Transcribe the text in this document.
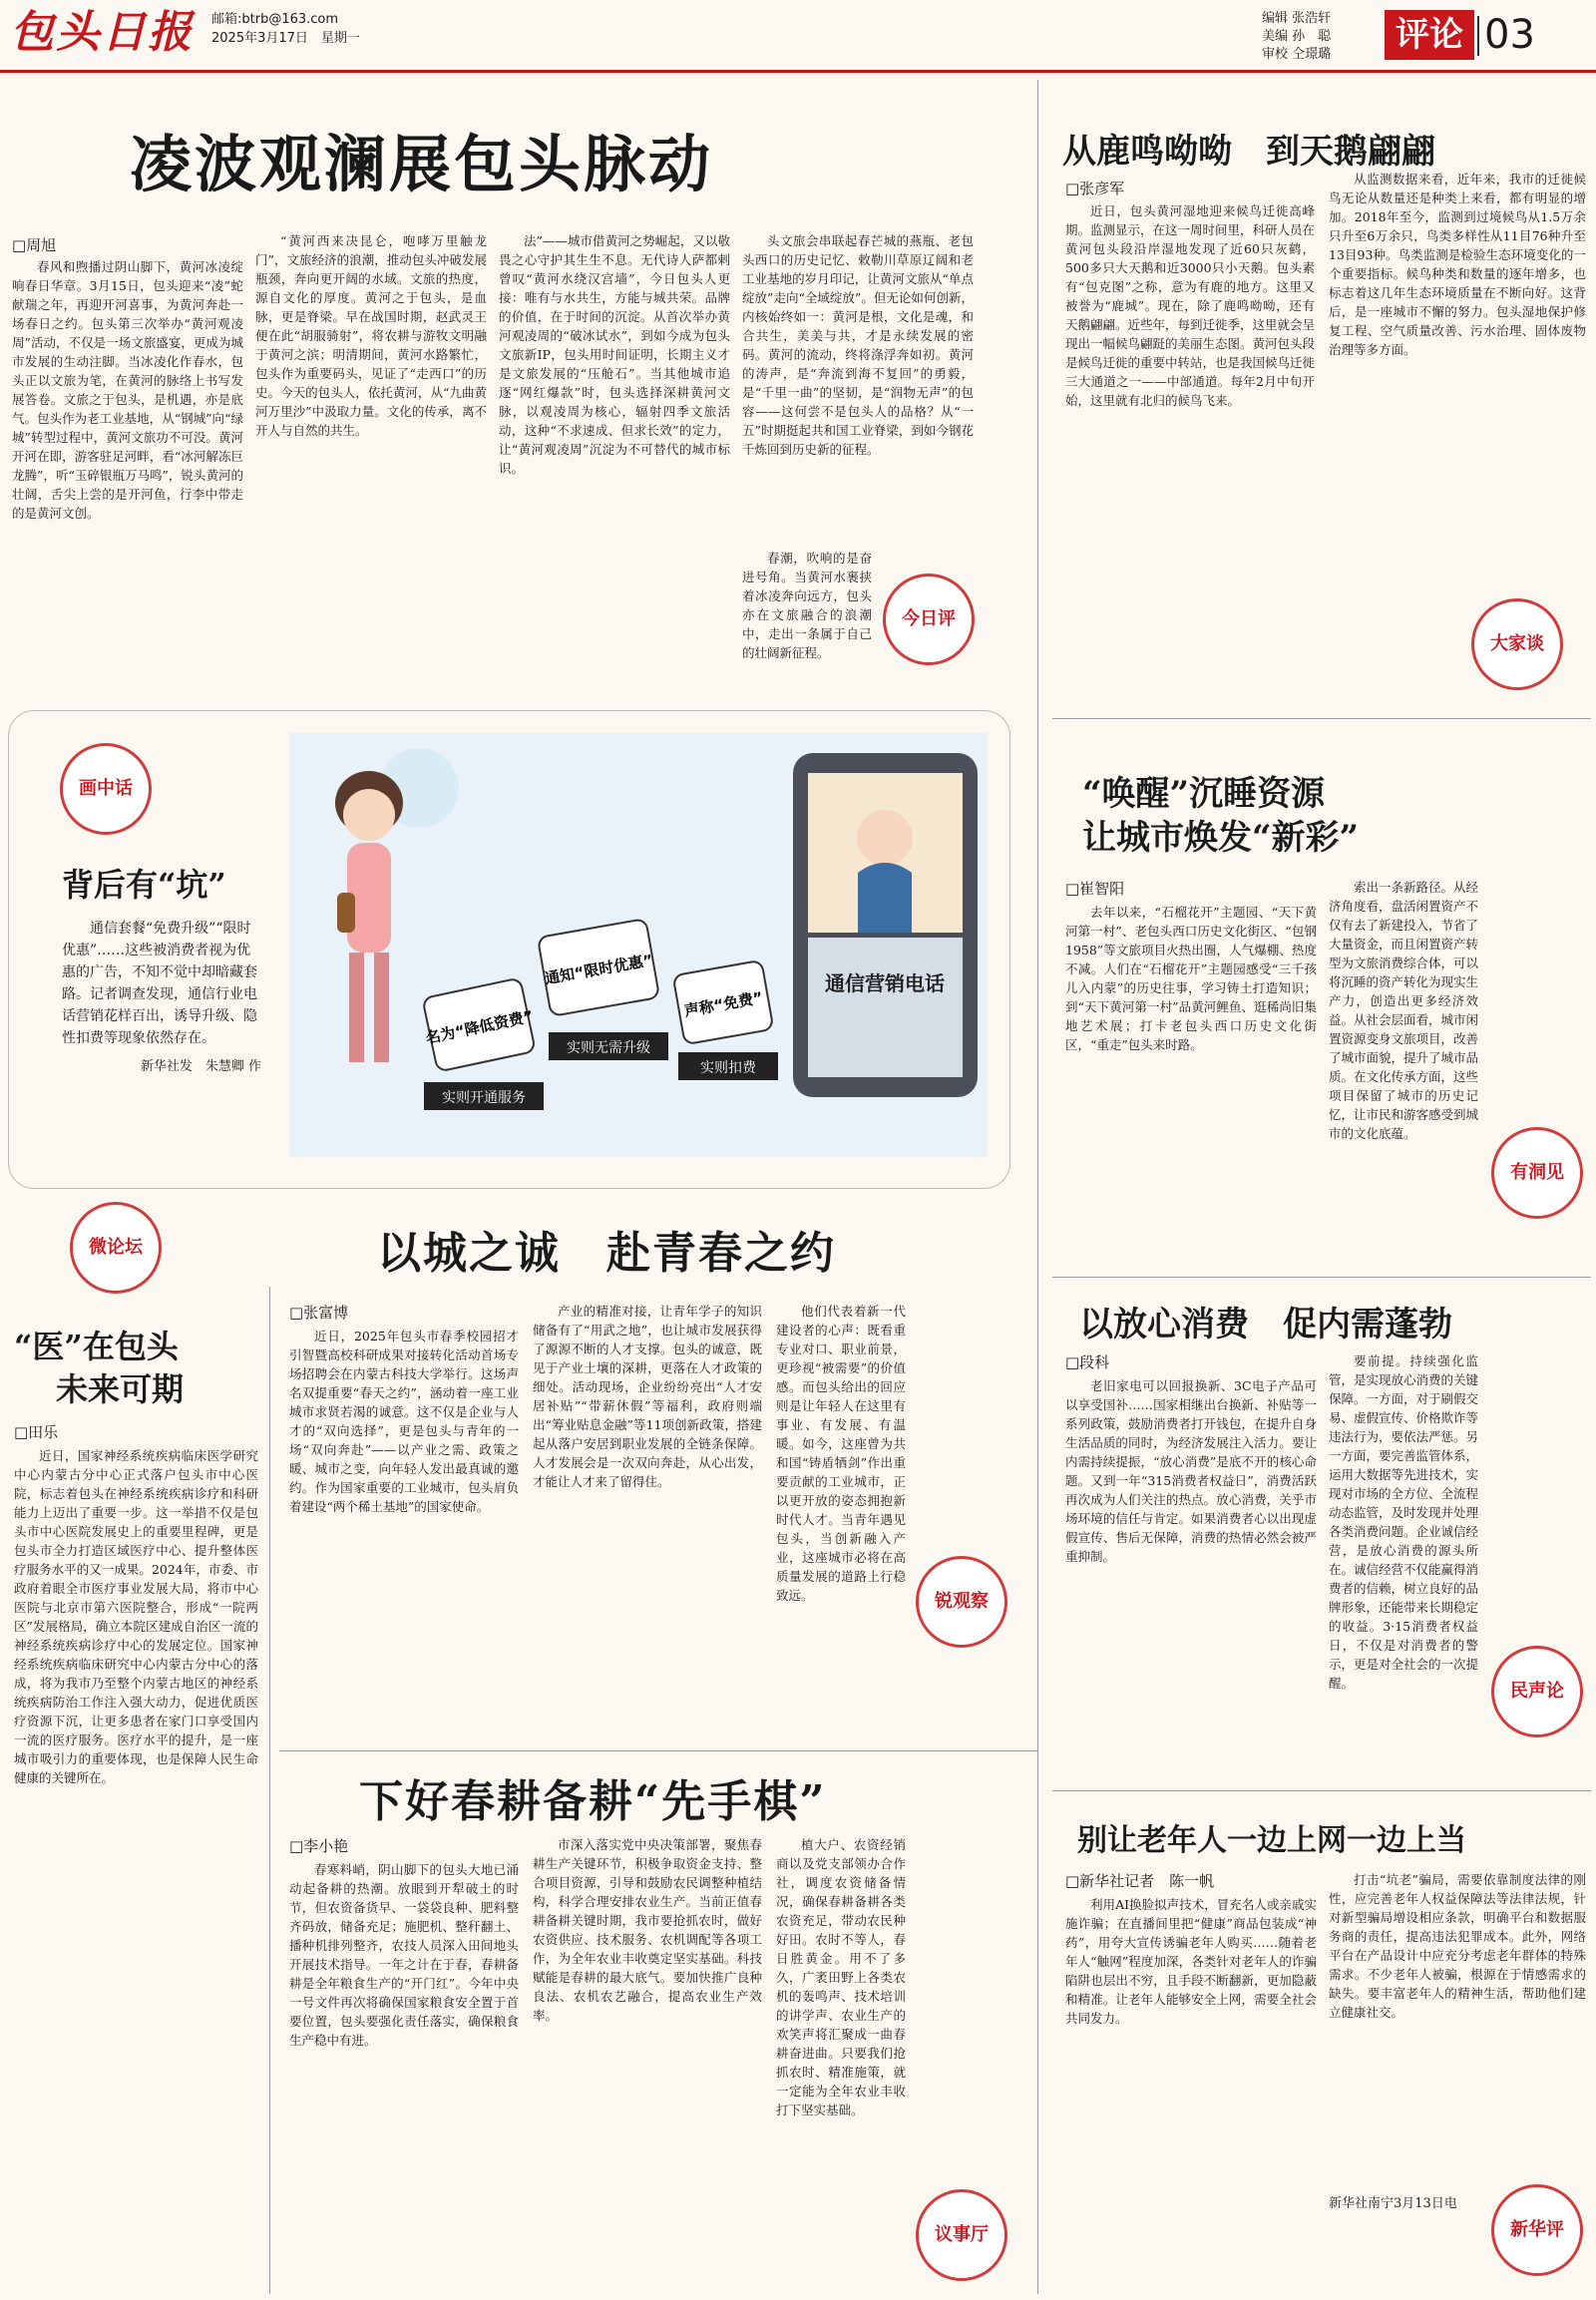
包头日报	邮箱:btrb@163.com
2025年3月17日　星期一
编辑 张浩轩
美编 孙　聪
审校 仝璟璐	评论 03
凌波观澜展包头脉动
□周旭

春风和煦播过阴山脚下，黄河冰凌绽响春日华章。3月15日，包头迎来“凌”蛇献瑞之年，再迎开河喜事，为黄河奔赴一场春日之约。包头第三次举办“黄河观凌周”活动，不仅是一场文旅盛宴，更成为城市发展的生动注脚。当冰凌化作春水，包头正以文旅为笔，在黄河的脉络上书写发展答卷。文旅之于包头，是机遇，亦是底气。包头作为老工业基地，从“钢城”向“绿城”转型过程中，黄河文旅功不可没。黄河开河在即，游客驻足河畔，看“冰河解冻巨龙腾”，听“玉碎银瓶万马鸣”，锐头黄河的壮阔，舌尖上尝的是开河鱼，行李中带走的是黄河文创。

“黄河西来决昆仑，咆哮万里触龙门”，文旅经济的浪潮，推动包头冲破发展瓶颈，奔向更开阔的水域。文旅的热度，源自文化的厚度。黄河之于包头，是血脉，更是脊梁。早在战国时期，赵武灵王便在此“胡服骑射”，将农耕与游牧文明融于黄河之滨；明清期间，黄河水路繁忙，包头作为重要码头，见证了“走西口”的历史。今天的包头人，依托黄河，从“九曲黄河万里沙”中汲取力量。文化的传承，离不开人与自然的共生。

法”——城市借黄河之势崛起，又以敬畏之心守护其生生不息。无代诗人萨都剌曾叹“黄河水绕汉宫墙”，今日包头人更接：唯有与水共生，方能与城共荣。品牌的价值，在于时间的沉淀。从首次举办黄河观凌周的“破冰试水”，到如今成为包头文旅新IP，包头用时间证明，长期主义才是文旅发展的“压舱石”。当其他城市追逐“网红爆款”时，包头选择深耕黄河文脉，以观凌周为核心，辐射四季文旅活动，这种“不求速成、但求长效”的定力，让“黄河观凌周”沉淀为不可替代的城市标识。

头文旅会串联起春芒城的燕瓶、老包头西口的历史记忆、敕勒川草原辽阔和老工业基地的岁月印记，让黄河文旅从“单点绽放”走向“全域绽放”。但无论如何创新，内核始终如一：黄河是根，文化是魂，和合共生，美美与共，才是永续发展的密码。黄河的流动，终将涤浮奔如初。黄河的涛声，是“奔流到海不复回”的勇毅，是“千里一曲”的坚韧，是“润物无声”的包容——这何尝不是包头人的品格？从“一五”时期挺起共和国工业脊梁，到如今钢花千炼回到历史新的征程。

春潮，吹响的是奋进号角。当黄河水裹挟着冰凌奔向远方，包头亦在文旅融合的浪潮中，走出一条属于自己的壮阔新征程。

今日评
从鹿鸣呦呦　到天鹅翩翩
□张彦军

近日，包头黄河湿地迎来候鸟迁徙高峰期。监测显示，在这一周时间里，科研人员在黄河包头段沿岸湿地发现了近60只灰鹤，500多只大天鹅和近3000只小天鹅。包头素有“包克图”之称，意为有鹿的地方。这里又被誉为“鹿城”。现在，除了鹿鸣呦呦，还有天鹅翩翩。近些年，每到迁徙季，这里就会呈现出一幅候鸟翩跹的美丽生态图。黄河包头段是候鸟迁徙的重要中转站，也是我国候鸟迁徙三大通道之一——中部通道。每年2月中旬开始，这里就有北归的候鸟飞来。

从监测数据来看，近年来，我市的迁徙候鸟无论从数量还是种类上来看，都有明显的增加。2018年至今，监测到过境候鸟从1.5万余只升至6万余只，鸟类多样性从11目76种升至13目93种。鸟类监测是检验生态环境变化的一个重要指标。候鸟种类和数量的逐年增多，也标志着这几年生态环境质量在不断向好。这背后，是一座城市不懈的努力。包头湿地保护修复工程、空气质量改善、污水治理、固体废物治理等多方面。

大家谈
画中话
背后有“坑”
通信套餐“免费升级”“限时优惠”……这些被消费者视为优惠的广告，不知不觉中却暗藏套路。记者调查发现，通信行业电话营销花样百出，诱导升级、隐性扣费等现象依然存在。
新华社发　朱慧卿 作
通信营销电话
名为“降低资费”
通知“限时优惠”
声称“免费”
实则开通服务
实则无需升级
实则扣费
“唤醒”沉睡资源
让城市焕发“新彩”
□崔智阳

去年以来，“石榴花开”主题园、“天下黄河第一村”、老包头西口历史文化街区、“包钢1958”等文旅项目火热出圈，人气爆棚、热度不减。人们在“石榴花开”主题园感受“三千孩儿入内蒙”的历史往事，学习铸土打造知识；到“天下黄河第一村”品黄河鲤鱼、逛稀尚旧集地艺术展；打卡老包头西口历史文化街区，“重走”包头来时路。

索出一条新路径。从经济角度看，盘活闲置资产不仅有去了新建投入，节省了大量资金，而且闲置资产转型为文旅消费综合体，可以将沉睡的资产转化为现实生产力，创造出更多经济效益。从社会层面看，城市闲置资源变身文旅项目，改善了城市面貌，提升了城市品质。在文化传承方面，这些项目保留了城市的历史记忆，让市民和游客感受到城市的文化底蕴。

有洞见
以城之诚　赴青春之约
□张富博

近日，2025年包头市春季校园招才引智暨高校科研成果对接转化活动首场专场招聘会在内蒙古科技大学举行。这场声名双提重要“春天之约”，涵动着一座工业城市求贤若渴的诚意。这不仅是企业与人才的“双向选择”，更是包头与青年的一场“双向奔赴”——以产业之需、政策之暖、城市之变，向年轻人发出最真诚的邀约。作为国家重要的工业城市，包头肩负着建设“两个稀土基地”的国家使命。

产业的精准对接，让青年学子的知识储备有了“用武之地”，也让城市发展获得了源源不断的人才支撑。包头的诚意，既见于产业土壤的深耕，更落在人才政策的细处。活动现场，企业纷纷亮出“人才安居补贴”“带薪休假”等福利，政府则端出“筹业贴息金融”等11项创新政策，搭建起从落户安居到职业发展的全链条保障。人才发展会是一次双向奔赴，从心出发，才能让人才来了留得住。

他们代表着新一代建设者的心声：既看重专业对口、职业前景，更珍视“被需要”的价值感。而包头给出的回应则是让年轻人在这里有事业、有发展、有温暖。如今，这座曾为共和国“铸盾牺剑”作出重要贡献的工业城市，正以更开放的姿态拥抱新时代人才。当青年遇见包头，当创新融入产业，这座城市必将在高质量发展的道路上行稳致远。	锐观察
微论坛
“医”在包头
未来可期
□田乐

近日，国家神经系统疾病临床医学研究中心内蒙古分中心正式落户包头市中心医院，标志着包头在神经系统疾病诊疗和科研能力上迈出了重要一步。这一举措不仅是包头市中心医院发展史上的重要里程碑，更是包头市全力打造区域医疗中心、提升整体医疗服务水平的又一成果。2024年，市委、市政府着眼全市医疗事业发展大局，将市中心医院与北京市第六医院整合，形成“一院两区”发展格局，确立本院区建成自治区一流的神经系统疾病诊疗中心的发展定位。国家神经系统疾病临床研究中心内蒙古分中心的落成，将为我市乃至整个内蒙古地区的神经系统疾病防治工作注入强大动力，促进优质医疗资源下沉，让更多患者在家门口享受国内一流的医疗服务。医疗水平的提升，是一座城市吸引力的重要体现，也是保障人民生命健康的关键所在。

以放心消费　促内需蓬勃
□段科

老旧家电可以回报换新、3C电子产品可以享受国补……国家相继出台换新、补贴等一系列政策，鼓励消费者打开钱包，在提升自身生活品质的同时，为经济发展注入活力。要让内需持续提振，“放心消费”是底不开的核心命题。又到一年“315消费者权益日”，消费活跃再次成为人们关注的热点。放心消费，关乎市场环境的信任与肯定。如果消费者心以出现虚假宣传、售后无保障，消费的热情必然会被严重抑制。

要前提。持续强化监管，是实现放心消费的关键保障。一方面，对于刷假交易、虚假宣传、价格欺诈等违法行为，要依法严惩。另一方面，要完善监管体系，运用大数据等先进技术，实现对市场的全方位、全流程动态监管，及时发现并处理各类消费问题。企业诚信经营，是放心消费的源头所在。诚信经营不仅能赢得消费者的信赖，树立良好的品牌形象，还能带来长期稳定的收益。3·15消费者权益日，不仅是对消费者的警示，更是对全社会的一次提醒。	民声论
下好春耕备耕“先手棋”
□李小艳

春寒料峭，阴山脚下的包头大地已涌动起备耕的热潮。放眼到开犁破土的时节，但农资备货早、一袋袋良种、肥料整齐码放，储备充足；施肥机、整秆翻土、播种机排列整齐，农技人员深入田间地头开展技术指导。一年之计在于春，春耕备耕是全年粮食生产的“开门红”。今年中央一号文件再次将确保国家粮食安全置于首要位置，包头要强化责任落实，确保粮食生产稳中有进。

市深入落实党中央决策部署，聚焦春耕生产关键环节，积极争取资金支持、整合项目资源，引导和鼓励农民调整种植结构，科学合理安排农业生产。当前正值春耕备耕关键时期，我市要抢抓农时，做好农资供应、技术服务、农机调配等各项工作，为全年农业丰收奠定坚实基础。科技赋能是春耕的最大底气。要加快推广良种良法、农机农艺融合，提高农业生产效率。

植大户、农资经销商以及党支部领办合作社，调度农资储备情况，确保春耕备耕各类农资充足，带动农民种好田。农时不等人，春日胜黄金。用不了多久，广袤田野上各类农机的轰鸣声、技术培训的讲学声、农业生产的欢笑声将汇聚成一曲春耕奋进曲。只要我们抢抓农时、精准施策，就一定能为全年农业丰收打下坚实基础。

议事厅
别让老年人一边上网一边上当
□新华社记者　陈一帆

利用AI换脸拟声技术，冒充名人或亲戚实施诈骗；在直播间里把“健康”商品包装成“神药”，用夸大宣传诱骗老年人购买……随着老年人“触网”程度加深，各类针对老年人的诈骗陷阱也层出不穷，且手段不断翻新，更加隐蔽和精准。让老年人能够安全上网，需要全社会共同发力。

打击“坑老”骗局，需要依靠制度法律的刚性，应完善老年人权益保障法等法律法规，针对新型骗局增设相应条款，明确平台和数据服务商的责任，提高违法犯罪成本。此外，网络平台在产品设计中应充分考虑老年群体的特殊需求。不少老年人被骗，根源在于情感需求的缺失。要丰富老年人的精神生活，帮助他们建立健康社交。

新华社南宁3月13日电
新华评
